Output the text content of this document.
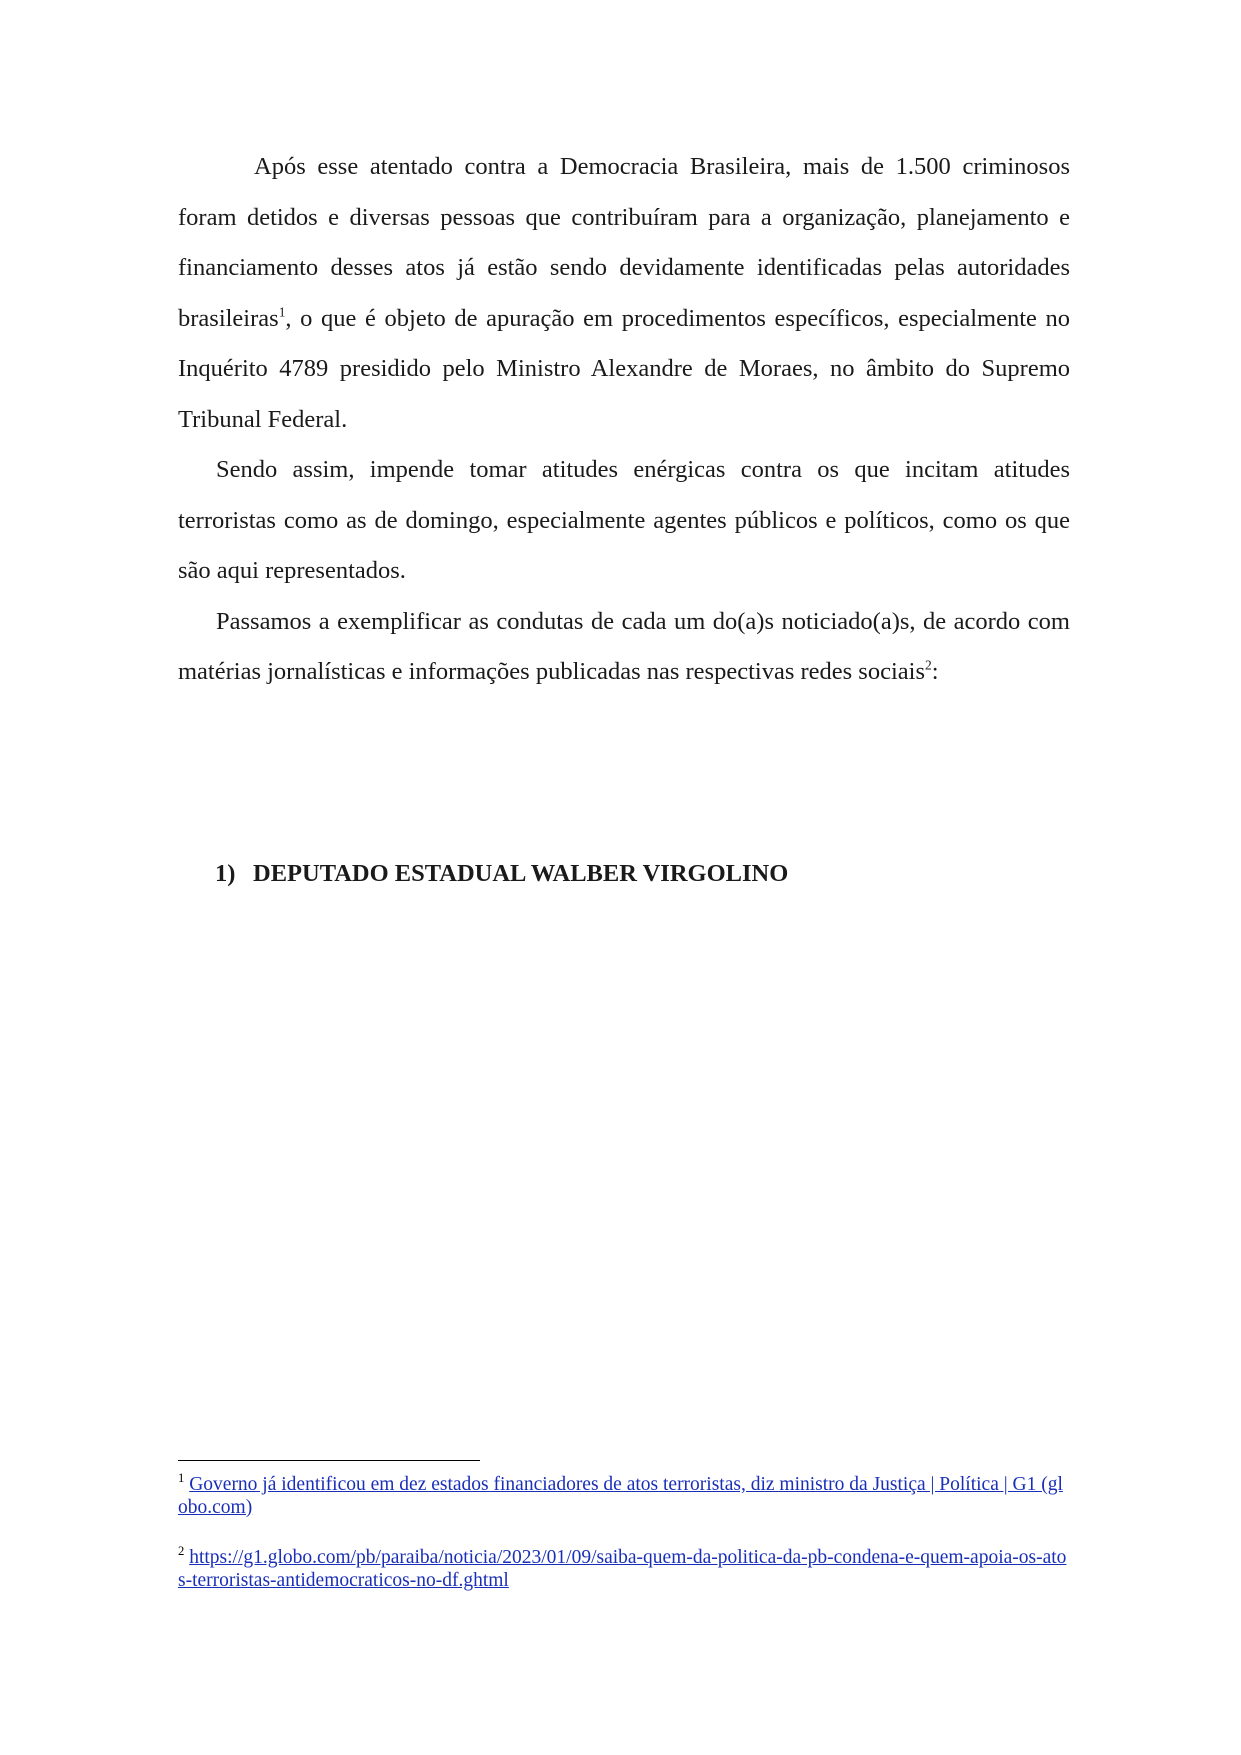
Após esse atentado contra a Democracia Brasileira, mais de 1.500 criminosos foram detidos e diversas pessoas que contribuíram para a organização, planejamento e financiamento desses atos já estão sendo devidamente identificadas pelas autoridades brasileiras$^1$, o que é objeto de apuração em procedimentos específicos, especialmente no Inquérito 4789 presidido pelo Ministro Alexandre de Moraes, no âmbito do Supremo Tribunal Federal.

Sendo assim, impende tomar atitudes enérgicas contra os que incitam atitudes terroristas como as de domingo, especialmente agentes públicos e políticos, como os que são aqui representados.

Passamos a exemplificar as condutas de cada um do(a)s noticiado(a)s, de acordo com matérias jornalísticas e informações publicadas nas respectivas redes sociais$^2$:

1) DEPUTADO ESTADUAL WALBER VIRGOLINO
$^1$ Governo já identificou em dez estados financiadores de atos terroristas, diz ministro da Justiça | Política | G1 (globo.com)
$^2$ https://g1.globo.com/pb/paraiba/noticia/2023/01/09/saiba-quem-da-politica-da-pb-condena-e-quem-apoia-os-atos-terroristas-antidemocraticos-no-df.ghtml
